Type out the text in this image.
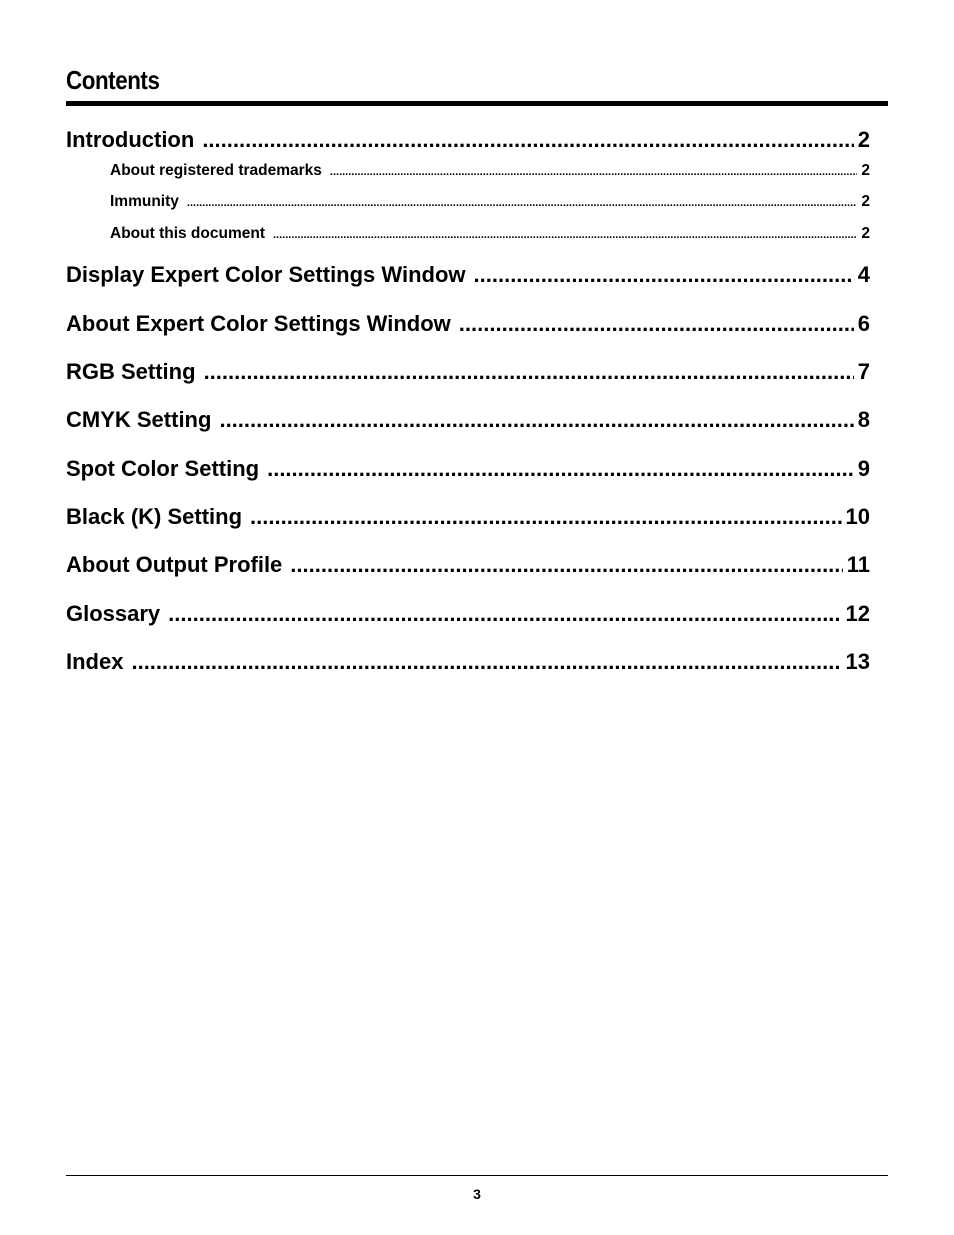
Contents
Introduction .....	2
About registered trademarks .....	2
Immunity .....	2
About this document .....	2
Display Expert Color Settings Window .....	4
About Expert Color Settings Window .....	6
RGB Setting .....	7
CMYK Setting .....	8
Spot Color Setting .....	9
Black (K) Setting .....	10
About Output Profile .....	11
Glossary .....	12
Index .....	13
3
